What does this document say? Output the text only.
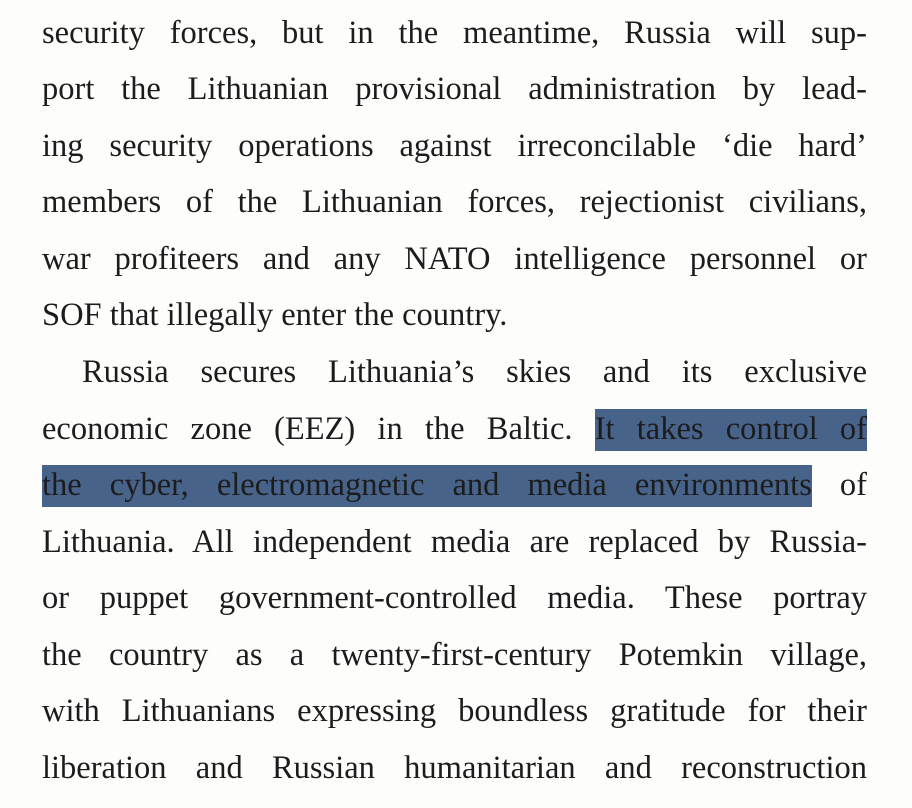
security forces, but in the meantime, Russia will sup-
port the Lithuanian provisional administration by lead-
ing security operations against irreconcilable ‘die hard’
members of the Lithuanian forces, rejectionist civilians,
war profiteers and any NATO intelligence personnel or
SOF that illegally enter the country.
Russia secures Lithuania’s skies and its exclusive
economic zone (EEZ) in the Baltic. It takes control of
the cyber, electromagnetic and media environments of
Lithuania. All independent media are replaced by Russia-
or puppet government-controlled media. These portray
the country as a twenty-first-century Potemkin village,
with Lithuanians expressing boundless gratitude for their
liberation and Russian humanitarian and reconstruction
